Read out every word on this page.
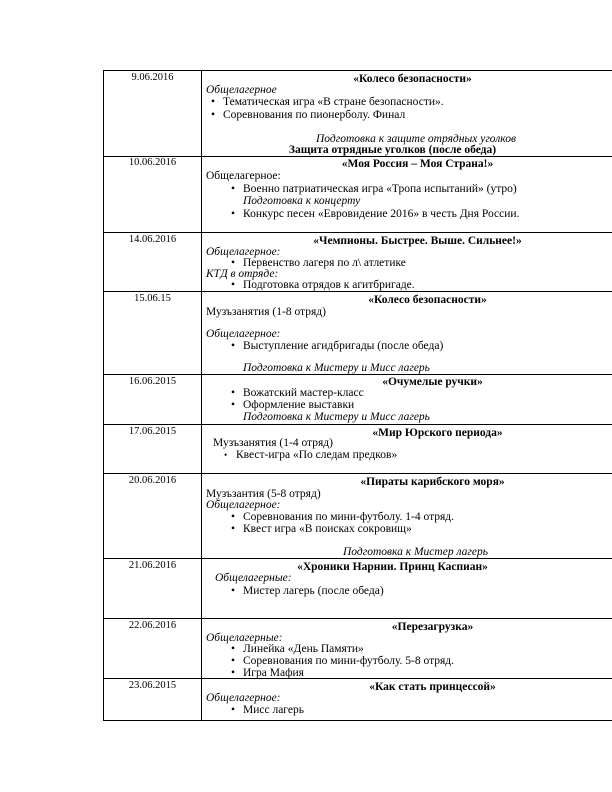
9.06.2016	«Колесо безопасности»
Общелагерное
• Тематическая игра «В стране безопасности».
• Соревнования по пионерболу. Финал
Подготовка к защите отрядных уголков
Защита отрядные уголков (после обеда)
10.06.2016	«Моя Россия – Моя Страна!»
Общелагерное:
• Военно патриатическая игра «Тропа испытаний» (утро)
Подготовка к концерту
• Конкурс песен «Евровидение 2016» в честь Дня России.
14.06.2016	«Чемпионы. Быстрее. Выше. Сильнее!»
Общелагерное:
• Первенство лагеря по л\ атлетике
КТД в отряде:
• Подготовка отрядов к агитбригаде.
15.06.15	«Колесо безопасности»
Музъзанятия (1-8 отряд)
Общелагерное:
• Выступление агидбригады (после обеда)
Подготовка к Мистеру и Мисс лагерь
16.06.2015	«Очумелые ручки»
• Вожатский мастер-класс
• Оформление выставки
Подготовка к Мистеру и Мисс лагерь
17.06.2015	«Мир Юрского периода»
Музъзанятия (1-4 отряд)
• Квест-игра «По следам предков»
20.06.2016	«Пираты карибского моря»
Музъзантия (5-8 отряд)
Общелагерное:
• Соревнования по мини-футболу. 1-4 отряд.
• Квест игра «В поисках сокровищ»
Подготовка к Мистер лагерь
21.06.2016	«Хроники Нарнии. Принц Каспиан»
Общелагерные:
• Мистер лагерь (после обеда)
22.06.2016	«Перезагрузка»
Общелагерные:
• Линейка «День Памяти»
• Соревнования по мини-футболу. 5-8 отряд.
• Игра Мафия
23.06.2015	«Как стать принцессой»
Общелагерное:
• Мисс лагерь
